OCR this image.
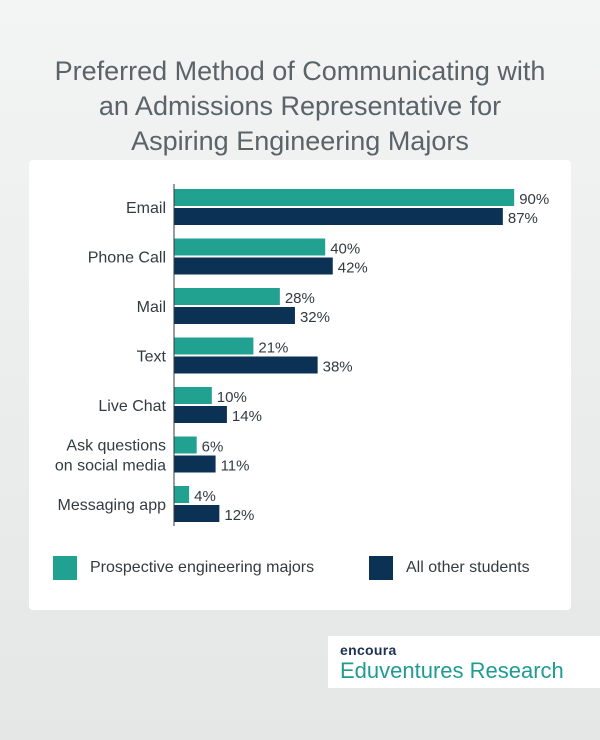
Preferred Method of Communicating with
an Admissions Representative for
Aspiring Engineering Majors
Email
90%
87%
Phone Call
40%
42%
Mail
28%
32%
Text
21%
38%
Live Chat
10%
14%
Ask questions
on social media
6%
11%
Messaging app
4%
12%
Prospective engineering majors	All other students
encoura
Eduventures Research
